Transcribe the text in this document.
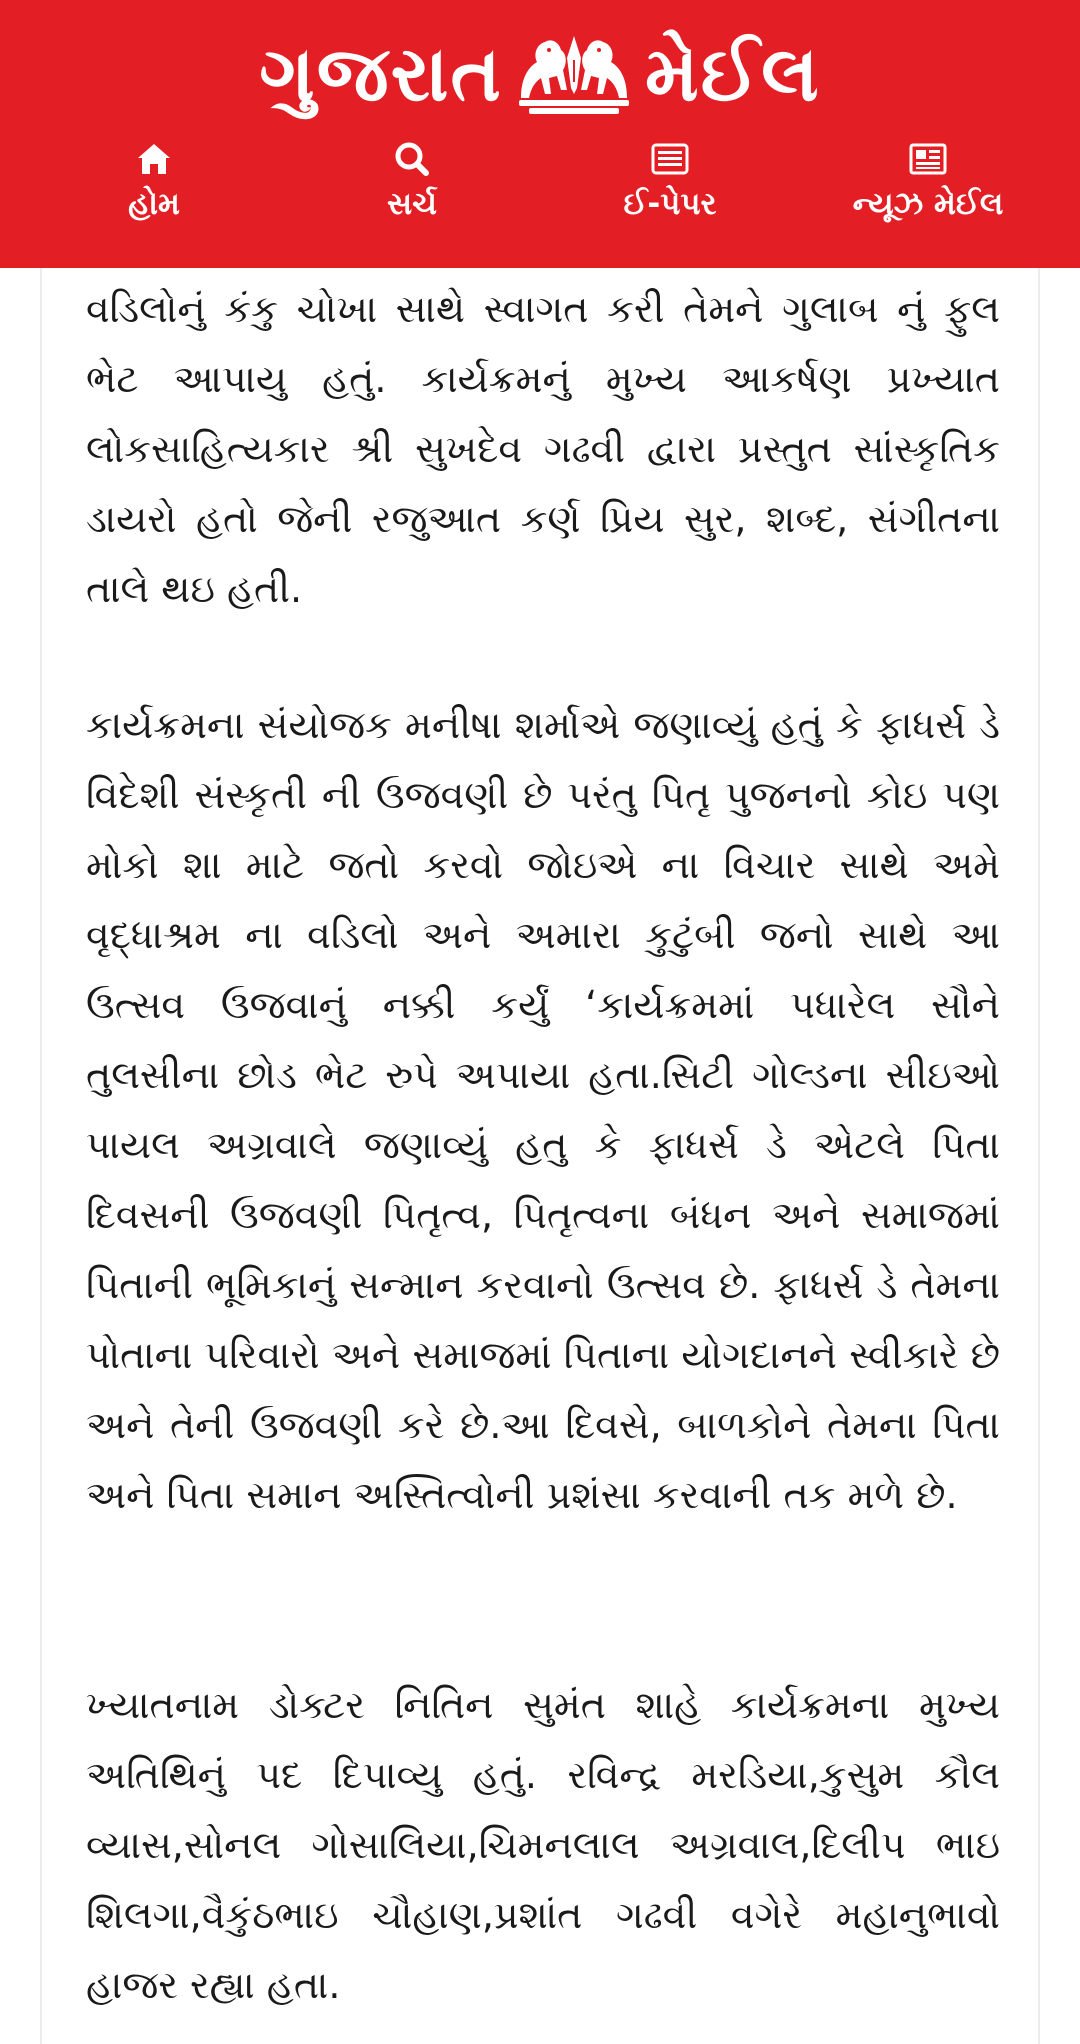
ગુજરાત મેઈલ
હોમ	સર્ચ	ઈ-પેપર	ન્યૂઝ મેઈલ

વડિલોનું કંકુ ચોખા સાથે સ્વાગત કરી તેમને ગુલાબ નું ફુલ ભેટ આપાયુ હતું. કાર્યક્રમનું મુખ્ય આકર્ષણ પ્રખ્યાત લોકસાહિત્યકાર શ્રી સુખદેવ ગઢવી દ્વારા પ્રસ્તુત સાંસ્કૃતિક ડાયરો હતો જેની રજુઆત કર્ણ પ્રિય સુર, શબ્દ, સંગીતના તાલે થઇ હતી.

કાર્યક્રમના સંયોજક મનીષા શર્માએ જણાવ્યું હતું કે ફાધર્સ ડે વિદેશી સંસ્કૃતી ની ઉજવણી છે પરંતુ પિતૃ પુજનનો કોઇ પણ મોકો શા માટે જતો કરવો જોઇએ ના વિચાર સાથે અમે વૃદ્ધાશ્રમ ના વડિલો અને અમારા કુટુંબી જનો સાથે આ ઉત્સવ ઉજવાનું નક્કી કર્યું ‘કાર્યક્રમમાં પધારેલ સૌને તુલસીના છોડ ભેટ રુપે અપાયા હતા.સિટી ગોલ્ડના સીઇઓ પાયલ અગ્રવાલે જણાવ્યું હતુ કે ફાધર્સ ડે એટલે પિતા દિવસની ઉજવણી પિતૃત્વ, પિતૃત્વના બંધન અને સમાજમાં પિતાની ભૂમિકાનું સન્માન કરવાનો ઉત્સવ છે. ફાધર્સ ડે તેમના પોતાના પરિવારો અને સમાજમાં પિતાના યોગદાનને સ્વીકારે છે અને તેની ઉજવણી કરે છે.આ દિવસે, બાળકોને તેમના પિતા અને પિતા સમાન અસ્તિત્વોની પ્રશંસા કરવાની તક મળે છે.

ખ્યાતનામ ડોક્ટર નિતિન સુમંત શાહે કાર્યક્રમના મુખ્ય અતિથિનું પદ દિપાવ્યુ હતું. રવિન્દ્ર મરડિયા,કુસુમ કૌલ વ્યાસ,સોનલ ગોસાલિયા,ચિમનલાલ અગ્રવાલ,દિલીપ ભાઇ શિલગા,વૈકુંઠભાઇ ચૌહાણ,પ્રશાંત ગઢવી વગેરે મહાનુભાવો હાજર રહ્યા હતા.
